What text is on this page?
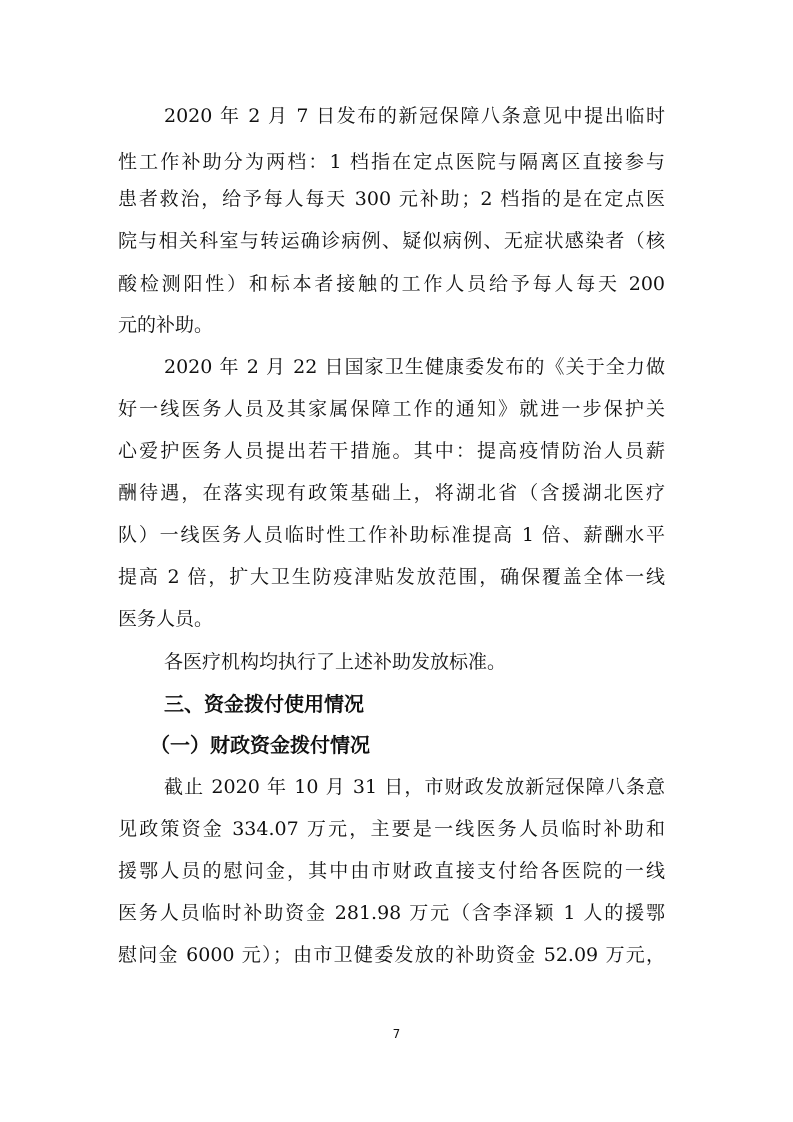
2020 年 2 月 7 日发布的新冠保障八条意见中提出临时

性工作补助分为两档：1 档指在定点医院与隔离区直接参与

患者救治，给予每人每天 300 元补助；2 档指的是在定点医

院与相关科室与转运确诊病例、疑似病例、无症状感染者（核

酸检测阳性）和标本者接触的工作人员给予每人每天 200

元的补助。

2020 年 2 月 22 日国家卫生健康委发布的《关于全力做

好一线医务人员及其家属保障工作的通知》就进一步保护关

心爱护医务人员提出若干措施。其中：提高疫情防治人员薪

酬待遇，在落实现有政策基础上，将湖北省（含援湖北医疗

队）一线医务人员临时性工作补助标准提高 1 倍、薪酬水平

提高 2 倍，扩大卫生防疫津贴发放范围，确保覆盖全体一线

医务人员。

各医疗机构均执行了上述补助发放标准。

三、资金拨付使用情况
（一）财政资金拨付情况

截止 2020 年 10 月 31 日，市财政发放新冠保障八条意

见政策资金 334.07 万元，主要是一线医务人员临时补助和

援鄂人员的慰问金，其中由市财政直接支付给各医院的一线

医务人员临时补助资金 281.98 万元（含李泽颖 1 人的援鄂

慰问金 6000 元）；由市卫健委发放的补助资金 52.09 万元，

7
